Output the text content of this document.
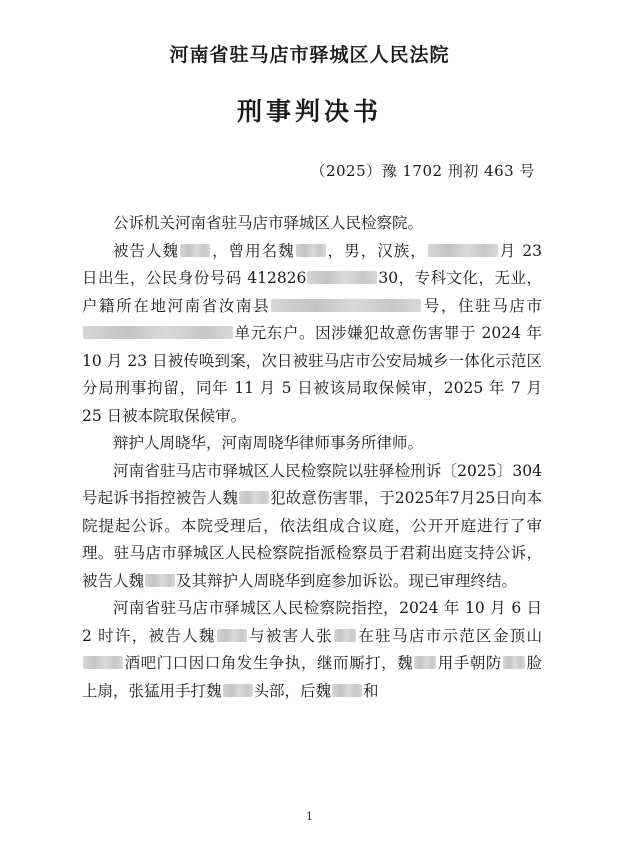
河南省驻马店市驿城区人民法院
刑事判决书
（2025）豫 1702 刑初 463 号

公诉机关河南省驻马店市驿城区人民检察院。

被告人魏 ，曾用名魏 ，男，汉族，	月 23 日出生，公民身份号码 412826	30，专科文化，无业，户籍所在地河南省汝南县	号，住驻马店市单元东户。因涉嫌犯故意伤害罪于 2024 年 10 月 23 日被传唤到案，次日被驻马店市公安局城乡一体化示范区分局刑事拘留，同年 11 月 5 日被该局取保候审，2025 年 7 月 25 日被本院取保候审。

辩护人周晓华，河南周晓华律师事务所律师。

河南省驻马店市驿城区人民检察院以驻驿检刑诉〔2025〕304号起诉书指控被告人魏 犯故意伤害罪，于2025年7月25日向本院提起公诉。本院受理后，依法组成合议庭，公开开庭进行了审理。驻马店市驿城区人民检察院指派检察员于君莉出庭支持公诉，被告人魏 及其辩护人周晓华到庭参加诉讼。现已审理终结。

河南省驻马店市驿城区人民检察院指控，2024 年 10 月 6 日 2 时许，被告人魏 与被害人张 在驻马店市示范区金顶山酒吧门口因口角发生争执，继而厮打，魏 用手朝防 脸上扇，张猛用手打魏 头部，后魏 和

1
